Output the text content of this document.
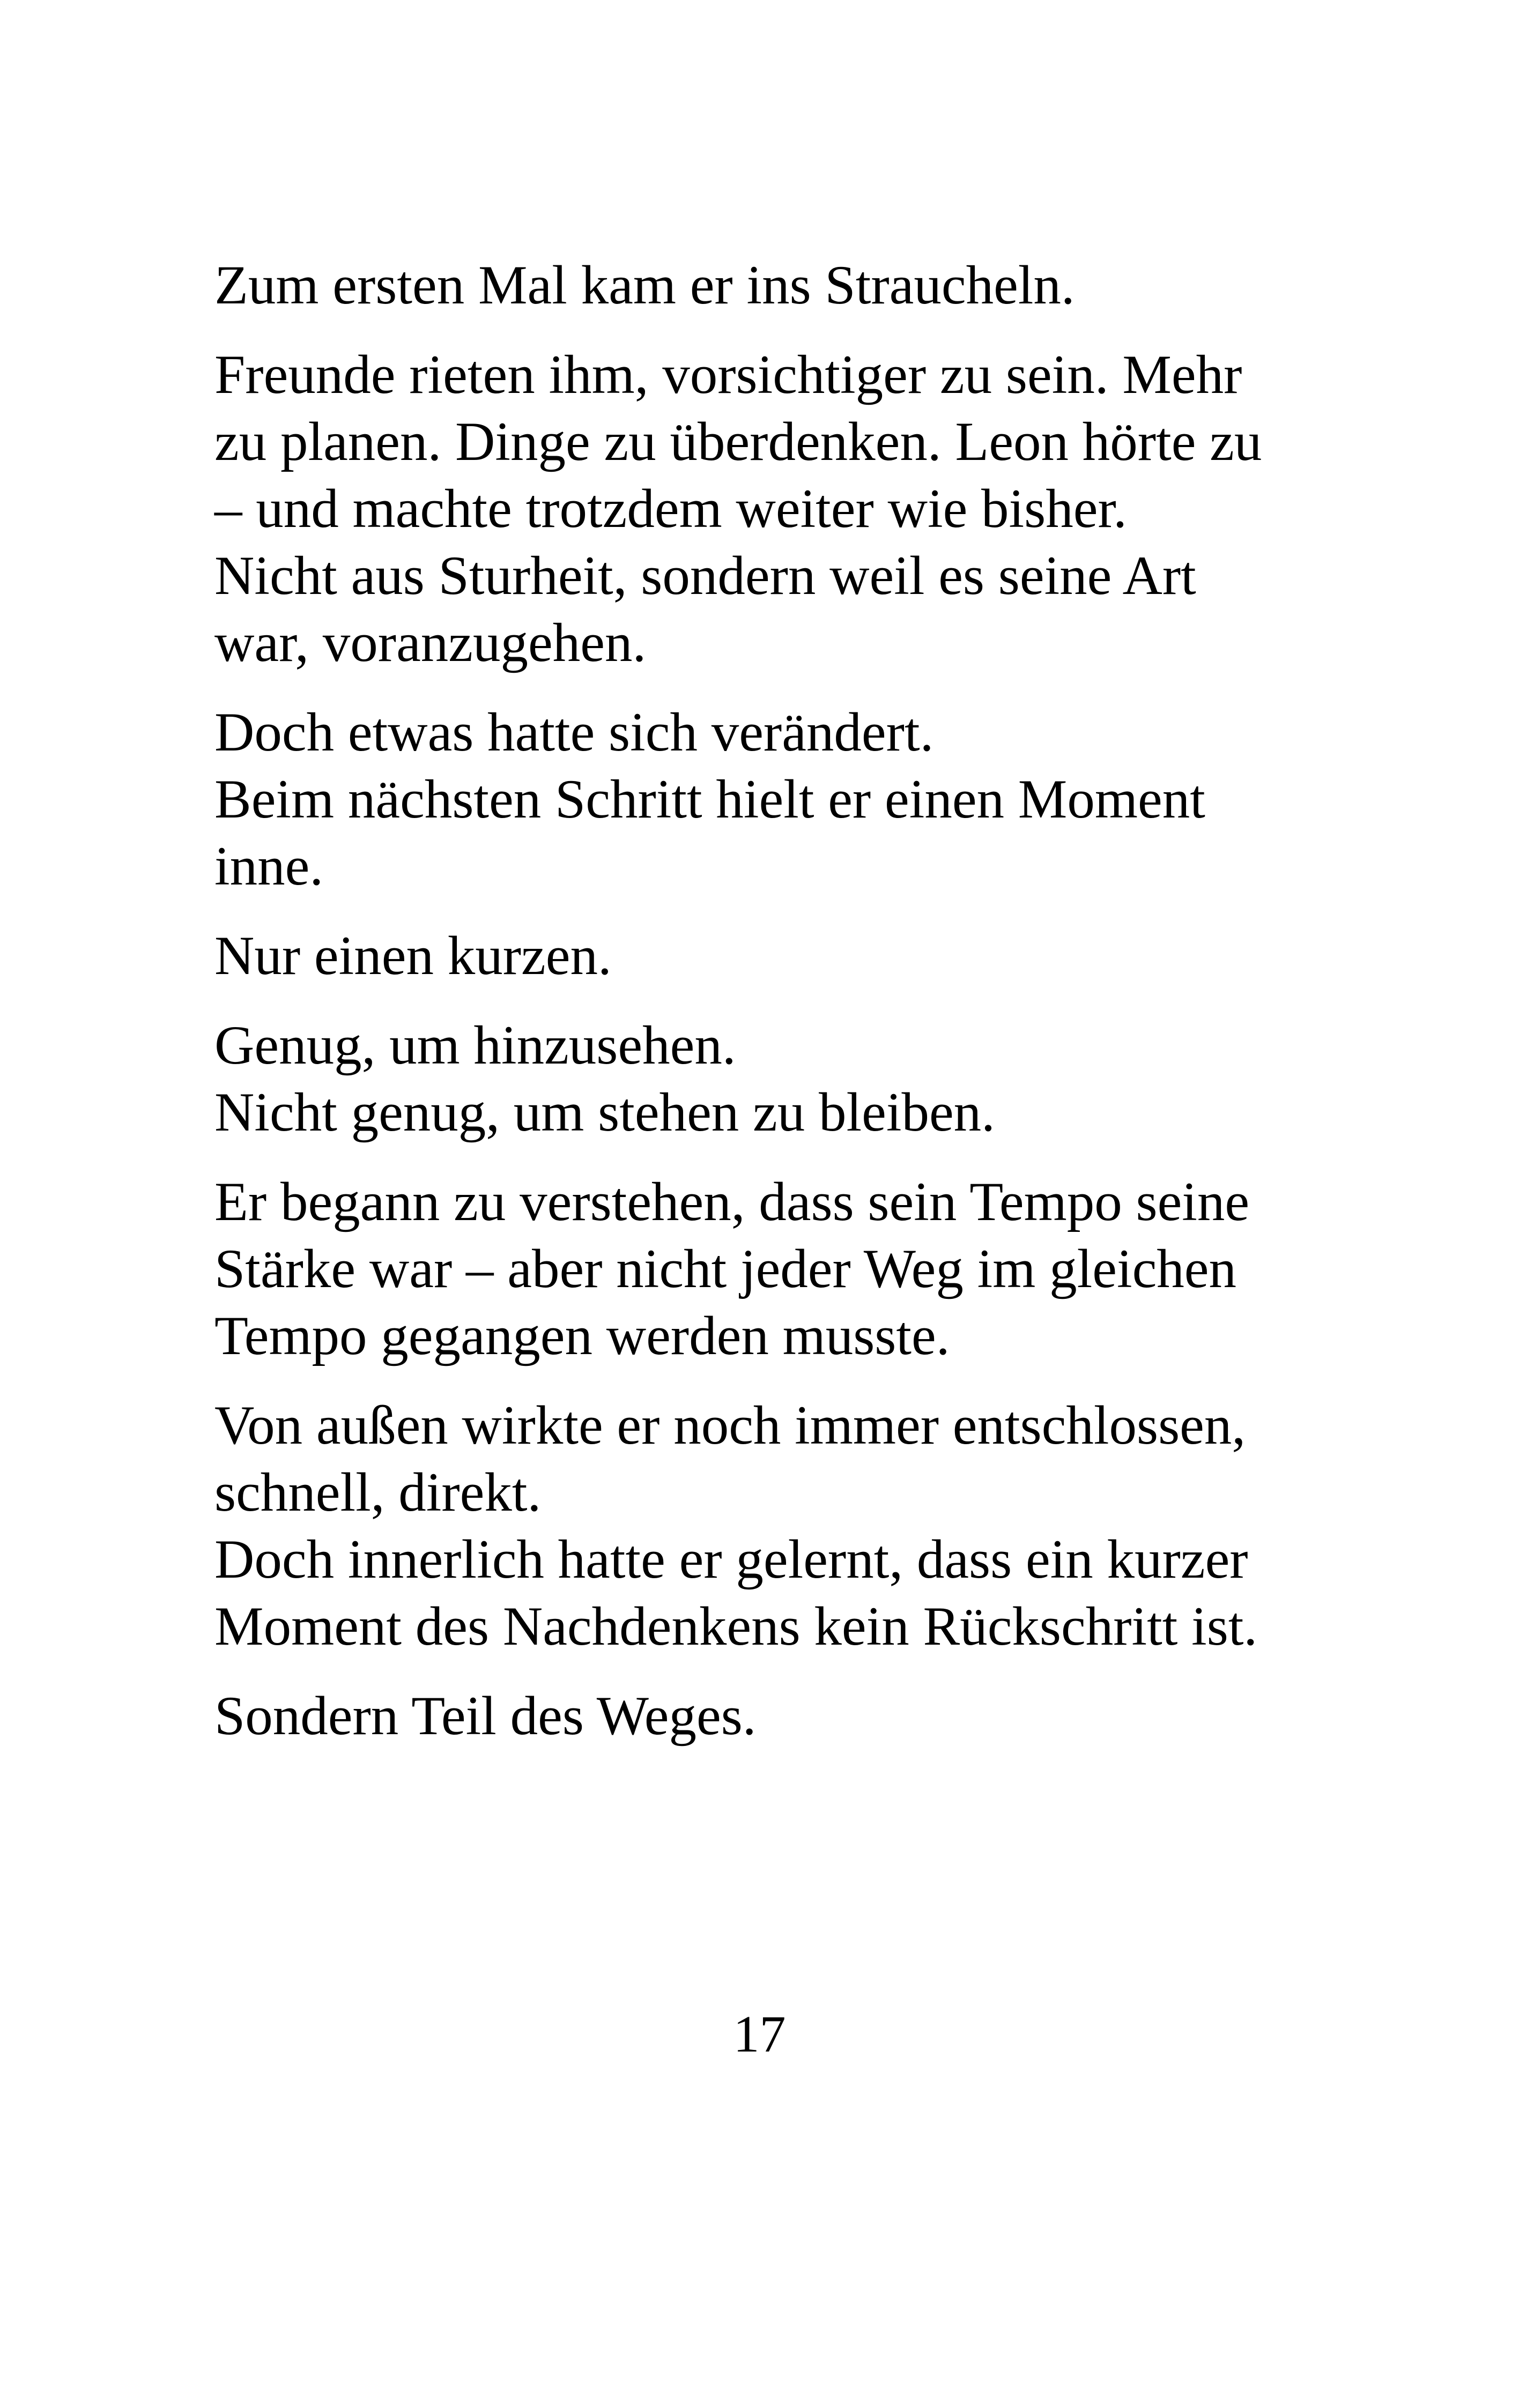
Zum ersten Mal kam er ins Straucheln.

Freunde rieten ihm, vorsichtiger zu sein. Mehr
zu planen. Dinge zu überdenken. Leon hörte zu
– und machte trotzdem weiter wie bisher.
Nicht aus Sturheit, sondern weil es seine Art
war, voranzugehen.

Doch etwas hatte sich verändert.
Beim nächsten Schritt hielt er einen Moment
inne.

Nur einen kurzen.

Genug, um hinzusehen.
Nicht genug, um stehen zu bleiben.

Er begann zu verstehen, dass sein Tempo seine
Stärke war – aber nicht jeder Weg im gleichen
Tempo gegangen werden musste.

Von außen wirkte er noch immer entschlossen,
schnell, direkt.
Doch innerlich hatte er gelernt, dass ein kurzer
Moment des Nachdenkens kein Rückschritt ist.

Sondern Teil des Weges.

17
